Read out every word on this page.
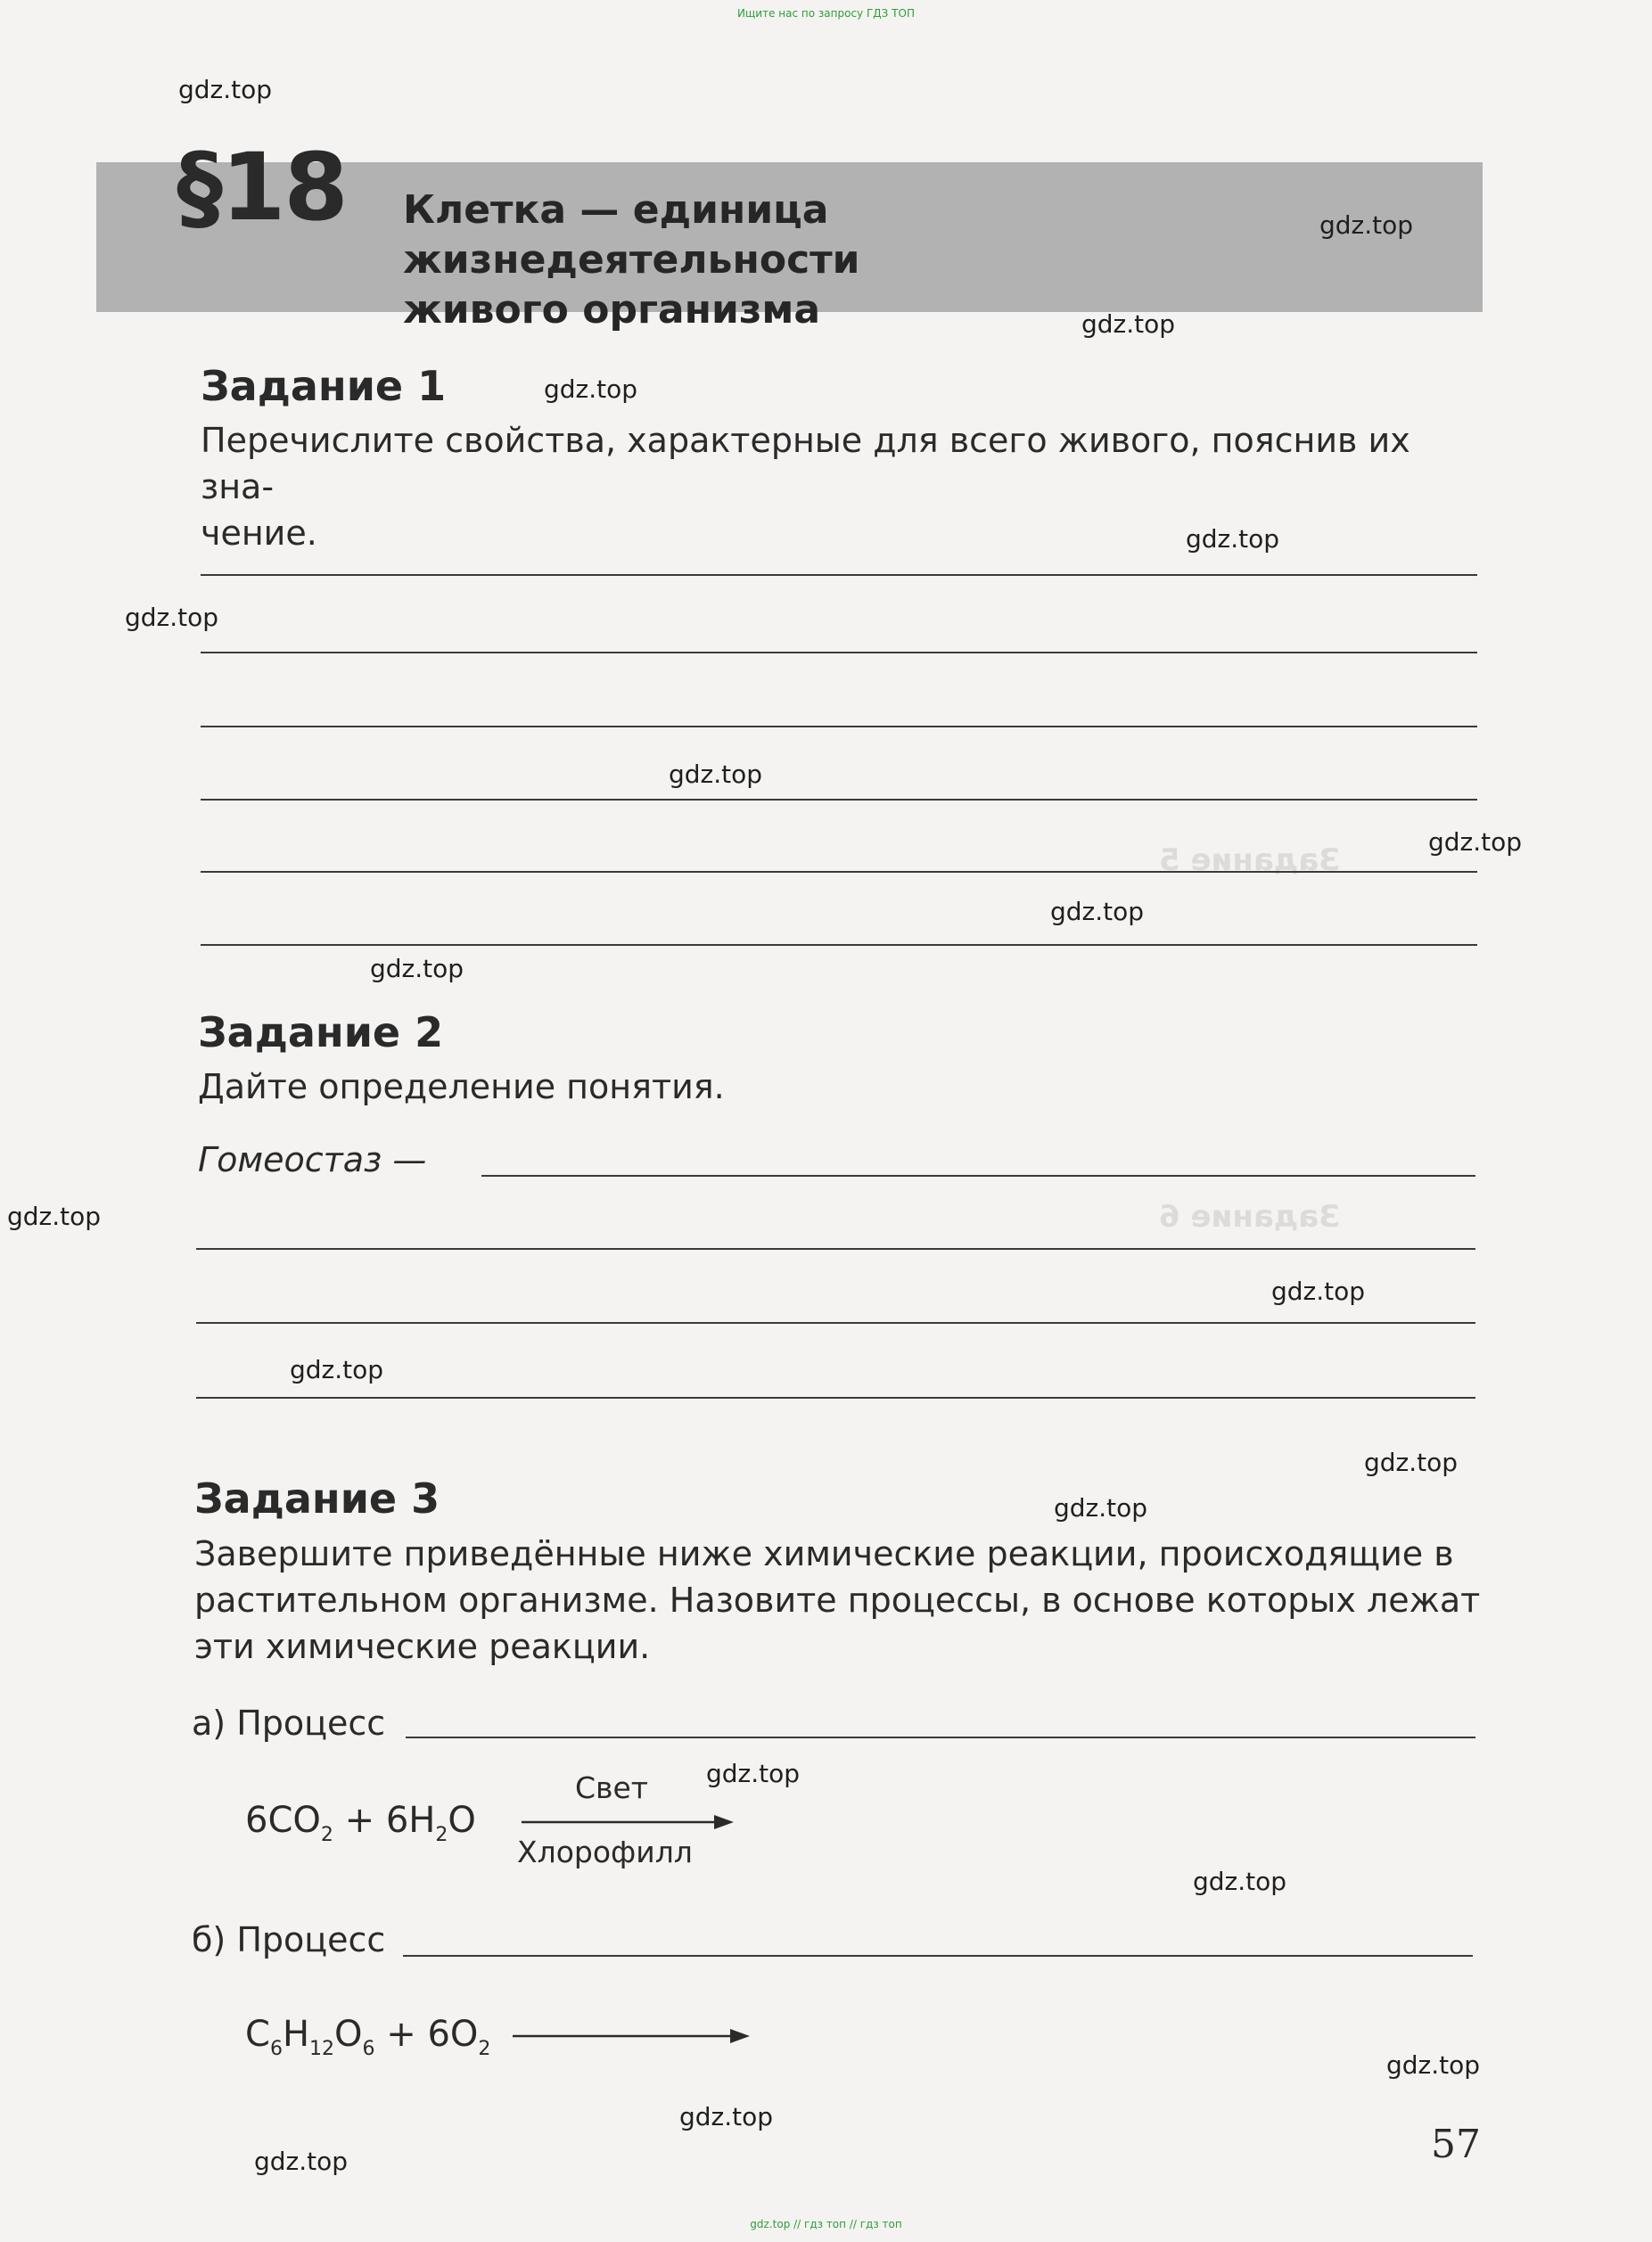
Ищите нас по запросу ГДЗ ТОП
gdz.top // гдз топ // гдз топ
Задание 5
Задание 6
§18 Клетка — единица жизнедеятельности
живого организма
Задание 1
Перечислите свойства, характерные для всего живого, пояснив их зна-
чение.
Задание 2
Дайте определение понятия.
Гомеостаз —
Задание 3
Завершите приведённые ниже химические реакции, происходящие в
растительном организме. Назовите процессы, в основе которых лежат
эти химические реакции.
а) Процесс
Свет
$6CO_2 + 6H_2O$
Хлорофилл
б) Процесс
$C_6H_{12}O_6 + 6O_2$
57
gdz.top
gdz.top
gdz.top
gdz.top
gdz.top
gdz.top
gdz.top
gdz.top
gdz.top
gdz.top
gdz.top
gdz.top
gdz.top
gdz.top
gdz.top
gdz.top
gdz.top
gdz.top
gdz.top
gdz.top
